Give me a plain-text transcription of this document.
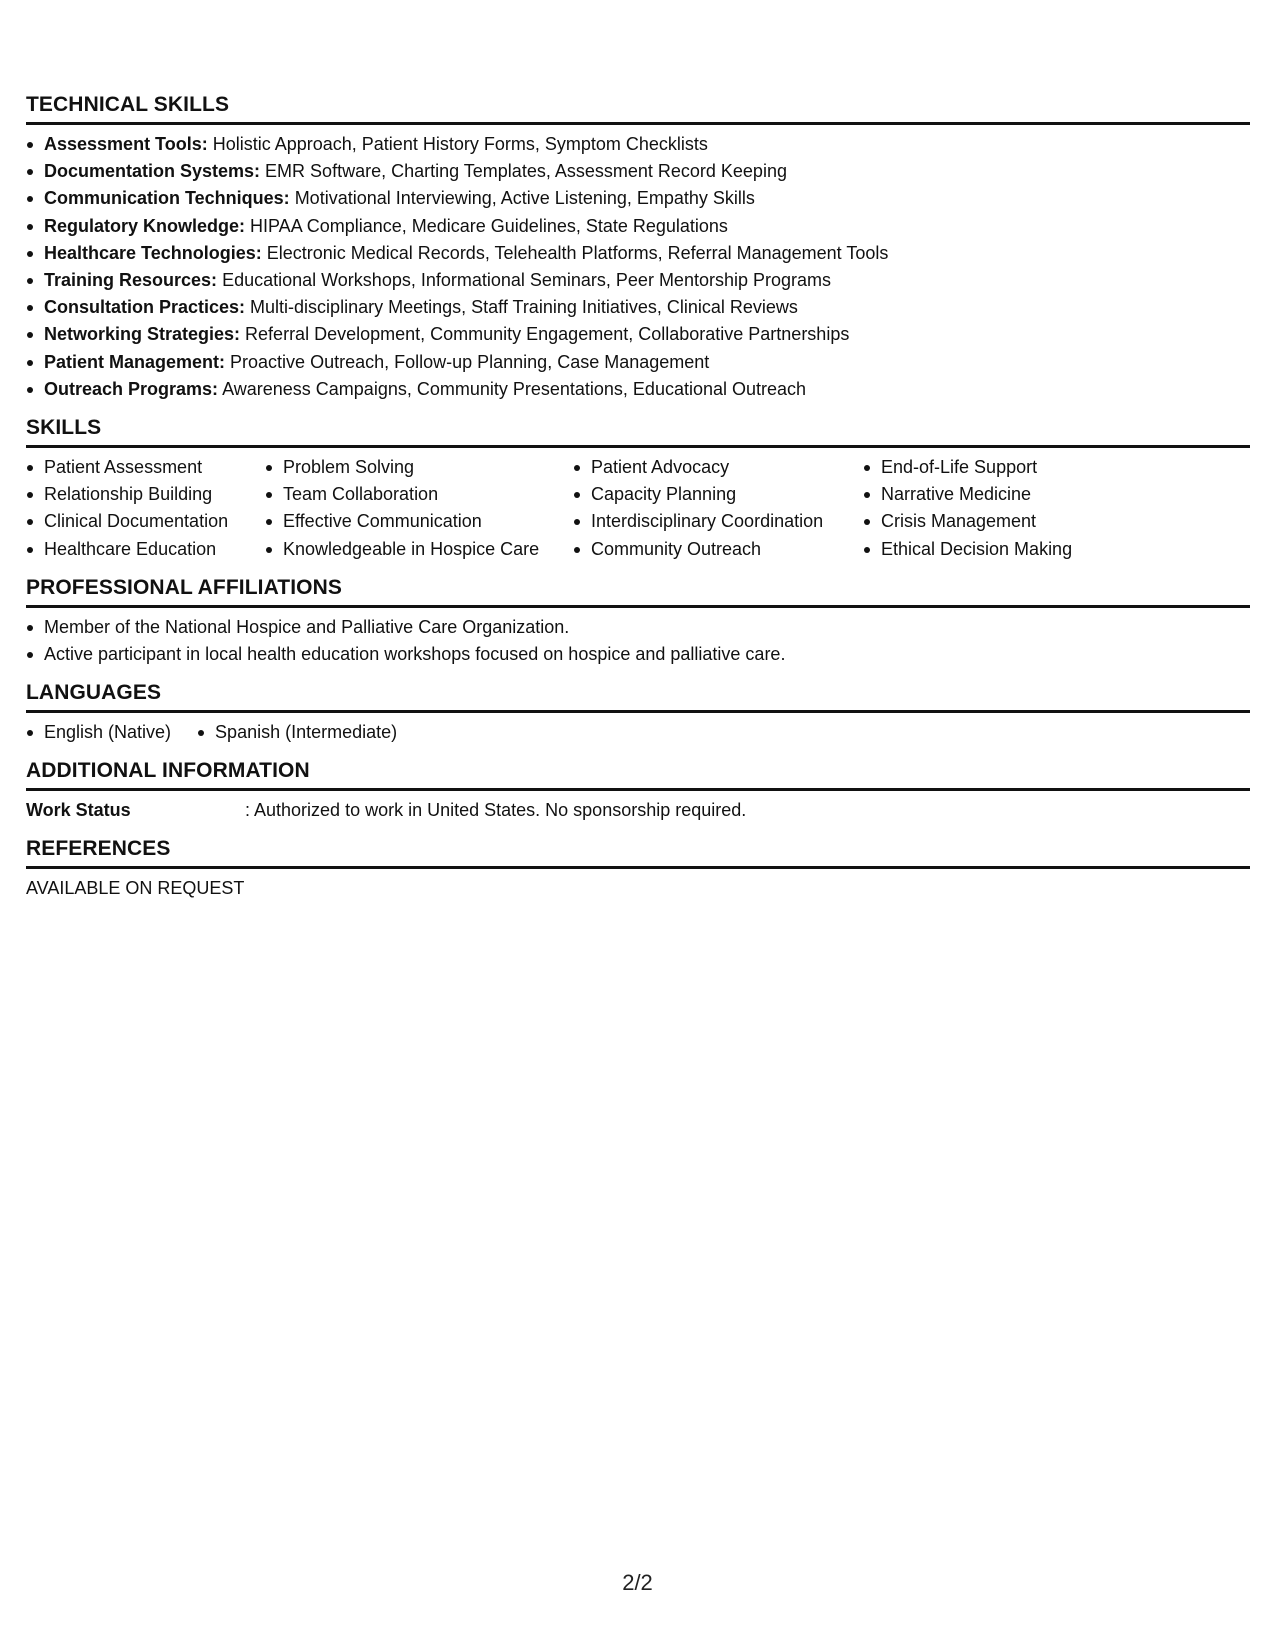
TECHNICAL SKILLS
Assessment Tools: Holistic Approach, Patient History Forms, Symptom Checklists
Documentation Systems: EMR Software, Charting Templates, Assessment Record Keeping
Communication Techniques: Motivational Interviewing, Active Listening, Empathy Skills
Regulatory Knowledge: HIPAA Compliance, Medicare Guidelines, State Regulations
Healthcare Technologies: Electronic Medical Records, Telehealth Platforms, Referral Management Tools
Training Resources: Educational Workshops, Informational Seminars, Peer Mentorship Programs
Consultation Practices: Multi-disciplinary Meetings, Staff Training Initiatives, Clinical Reviews
Networking Strategies: Referral Development, Community Engagement, Collaborative Partnerships
Patient Management: Proactive Outreach, Follow-up Planning, Case Management
Outreach Programs: Awareness Campaigns, Community Presentations, Educational Outreach
SKILLS
Patient Assessment
Relationship Building
Clinical Documentation
Healthcare Education
Problem Solving
Team Collaboration
Effective Communication
Knowledgeable in Hospice Care
Patient Advocacy
Capacity Planning
Interdisciplinary Coordination
Community Outreach
End-of-Life Support
Narrative Medicine
Crisis Management
Ethical Decision Making
PROFESSIONAL AFFILIATIONS
Member of the National Hospice and Palliative Care Organization.
Active participant in local health education workshops focused on hospice and palliative care.
LANGUAGES
English (Native) Spanish (Intermediate)
ADDITIONAL INFORMATION
Work Status	: Authorized to work in United States. No sponsorship required.
REFERENCES
AVAILABLE ON REQUEST
2/2
